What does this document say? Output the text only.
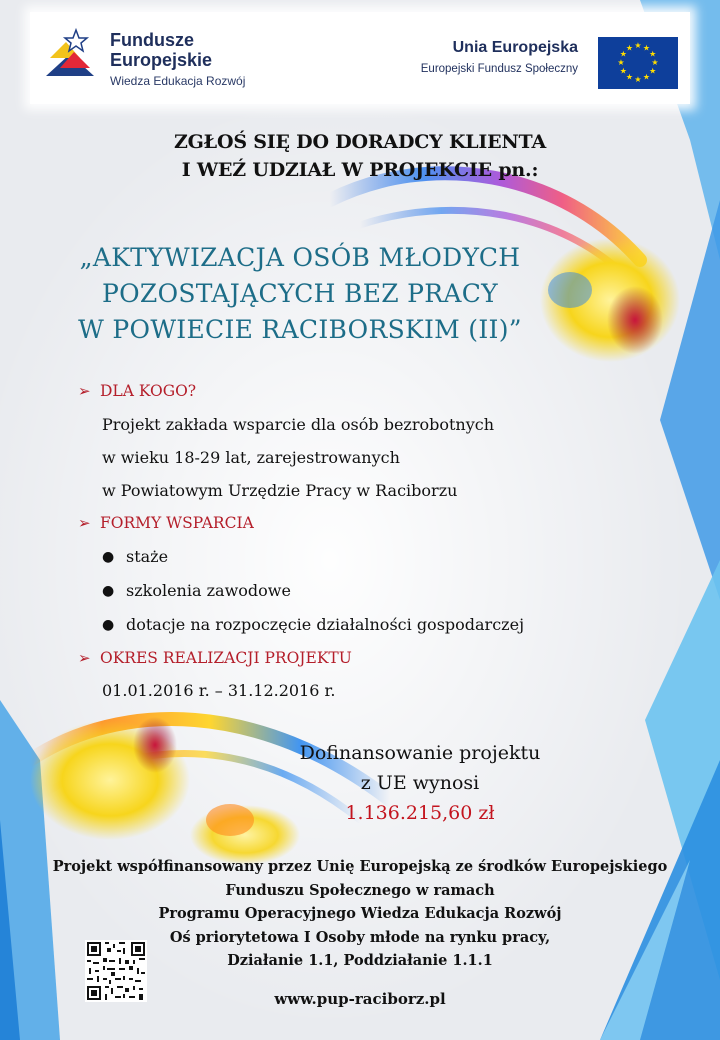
Fundusze
Europejskie
Wiedza Edukacja Rozwój
Unia Europejska
Europejski Fundusz Społeczny
★ ★
★
★
★
★
★
★
★
★
★
★
ZGŁOŚ SIĘ DO DORADCY KLIENTA
I WEŹ UDZIAŁ W PROJEKCIE pn.:
„AKTYWIZACJA OSÓB MŁODYCH
POZOSTAJĄCYCH BEZ PRACY
W POWIECIE RACIBORSKIM (II)”
➢ DLA KOGO?
Projekt zakłada wsparcie dla osób bezrobotnych
w wieku 18-29 lat, zarejestrowanych
w Powiatowym Urzędzie Pracy w Raciborzu
➢ FORMY WSPARCIA
● staże
● szkolenia zawodowe
● dotacje na rozpoczęcie działalności gospodarczej
➢ OKRES REALIZACJI PROJEKTU
01.01.2016 r. – 31.12.2016 r.
Dofinansowanie projektu
z UE wynosi
1.136.215,60 zł
Projekt współfinansowany przez Unię Europejską ze środków Europejskiego
Funduszu Społecznego w ramach
Programu Operacyjnego Wiedza Edukacja Rozwój
Oś priorytetowa I Osoby młode na rynku pracy,
Działanie 1.1, Poddziałanie 1.1.1
www.pup-raciborz.pl
